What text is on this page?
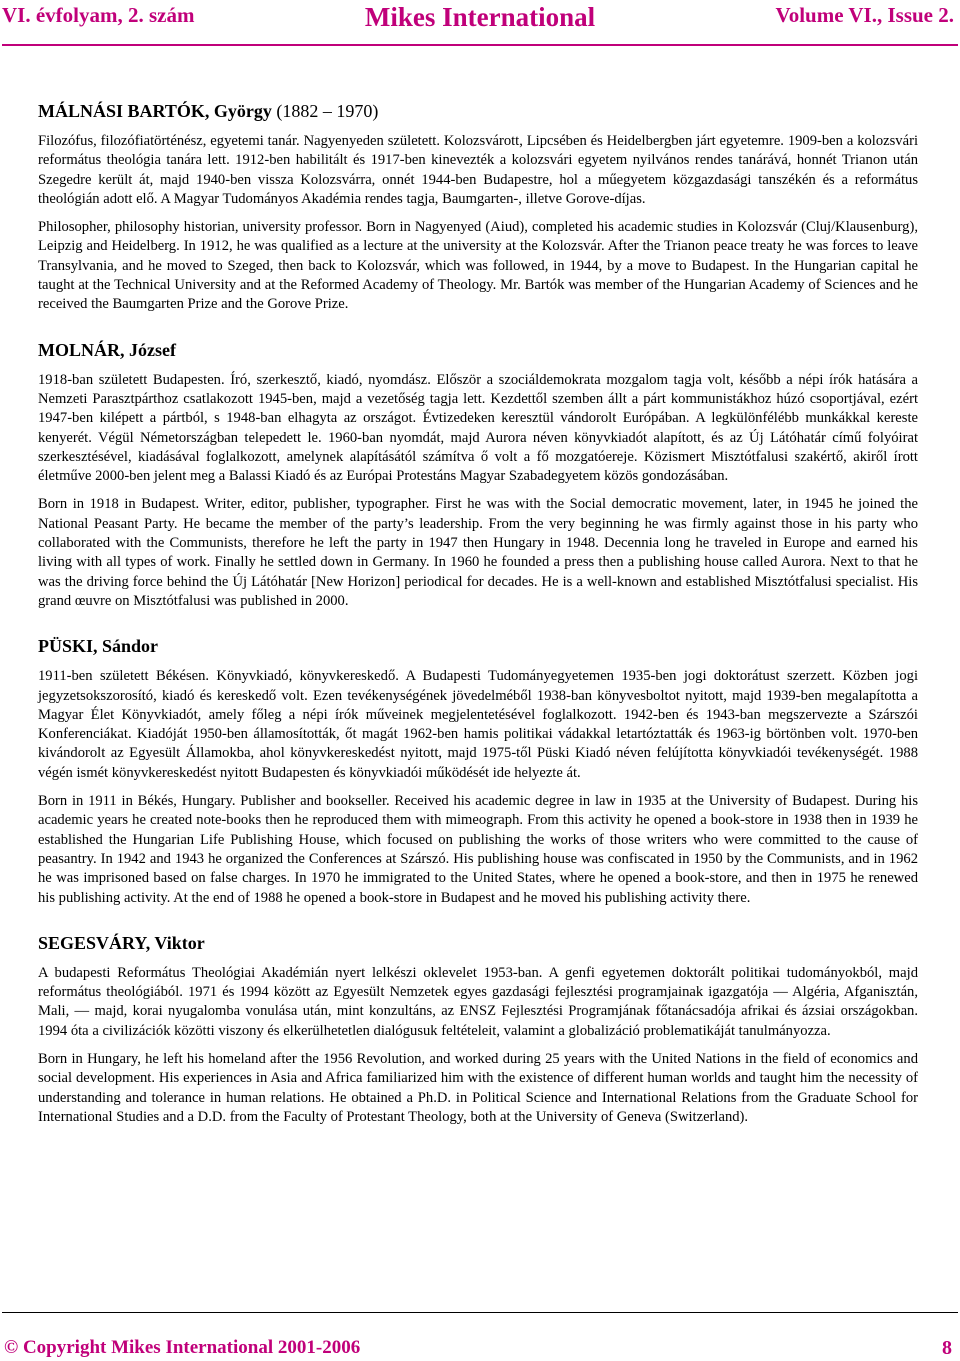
VI. évfolyam, 2. szám	Mikes International	Volume VI., Issue 2.
MÁLNÁSI BARTÓK, György (1882 – 1970)

Filozófus, filozófiatörténész, egyetemi tanár. Nagyenyeden született. Kolozsvárott, Lipcsében és Heidelbergben járt egyetemre. 1909-ben a kolozsvári református theológia tanára lett. 1912-ben habilitált és 1917-ben kinevezték a kolozsvári egyetem nyilvános rendes tanárává, honnét Trianon után Szegedre került át, majd 1940-ben vissza Kolozsvárra, onnét 1944-ben Budapestre, hol a műegyetem közgazdasági tanszékén és a református theológián adott elő. A Magyar Tudományos Akadémia rendes tagja, Baumgarten-, illetve Gorove-díjas.

Philosopher, philosophy historian, university professor. Born in Nagyenyed (Aiud), completed his academic studies in Kolozsvár (Cluj/Klausenburg), Leipzig and Heidelberg. In 1912, he was qualified as a lecture at the university at the Kolozsvár. After the Trianon peace treaty he was forces to leave Transylvania, and he moved to Szeged, then back to Kolozsvár, which was followed, in 1944, by a move to Budapest. In the Hungarian capital he taught at the Technical University and at the Reformed Academy of Theology. Mr. Bartók was member of the Hungarian Academy of Sciences and he received the Baumgarten Prize and the Gorove Prize.

MOLNÁR, József

1918-ban született Budapesten. Író, szerkesztő, kiadó, nyomdász. Először a szociáldemokrata mozgalom tagja volt, később a népi írók hatására a Nemzeti Parasztpárthoz csatlakozott 1945-ben, majd a vezetőség tagja lett. Kezdettől szemben állt a párt kommunistákhoz húzó csoportjával, ezért 1947-ben kilépett a pártból, s 1948-ban elhagyta az országot. Évtizedeken keresztül vándorolt Európában. A legkülönfélébb munkákkal kereste kenyerét. Végül Németországban telepedett le. 1960-ban nyomdát, majd Aurora néven könyvkiadót alapított, és az Új Látóhatár című folyóirat szerkesztésével, kiadásával foglalkozott, amelynek alapításától számítva ő volt a fő mozgatóereje. Közismert Misztótfalusi szakértő, akiről írott életműve 2000-ben jelent meg a Balassi Kiadó és az Európai Protestáns Magyar Szabadegyetem közös gondozásában.

Born in 1918 in Budapest. Writer, editor, publisher, typographer. First he was with the Social democratic movement, later, in 1945 he joined the National Peasant Party. He became the member of the party’s leadership. From the very beginning he was firmly against those in his party who collaborated with the Communists, therefore he left the party in 1947 then Hungary in 1948. Decennia long he traveled in Europe and earned his living with all types of work. Finally he settled down in Germany. In 1960 he founded a press then a publishing house called Aurora. Next to that he was the driving force behind the Új Látóhatár [New Horizon] periodical for decades. He is a well-known and established Misztótfalusi specialist. His grand œuvre on Misztótfalusi was published in 2000.

PÜSKI, Sándor

1911-ben született Békésen. Könyvkiadó, könyvkereskedő. A Budapesti Tudományegyetemen 1935-ben jogi doktorátust szerzett. Közben jogi jegyzetsokszorosító, kiadó és kereskedő volt. Ezen tevékenységének jövedelméből 1938-ban könyvesboltot nyitott, majd 1939-ben megalapította a Magyar Élet Könyvkiadót, amely főleg a népi írók műveinek megjelentetésével foglalkozott. 1942-ben és 1943-ban megszervezte a Szárszói Konferenciákat. Kiadóját 1950-ben államosították, őt magát 1962-ben hamis politikai vádakkal letartóztatták és 1963-ig börtönben volt. 1970-ben kivándorolt az Egyesült Államokba, ahol könyvkereskedést nyitott, majd 1975-től Püski Kiadó néven felújította könyvkiadói tevékenységét. 1988 végén ismét könyvkereskedést nyitott Budapesten és könyvkiadói működését ide helyezte át.

Born in 1911 in Békés, Hungary. Publisher and bookseller. Received his academic degree in law in 1935 at the University of Budapest. During his academic years he created note-books then he reproduced them with mimeograph. From this activity he opened a book-store in 1938 then in 1939 he established the Hungarian Life Publishing House, which focused on publishing the works of those writers who were committed to the cause of peasantry. In 1942 and 1943 he organized the Conferences at Szárszó. His publishing house was confiscated in 1950 by the Communists, and in 1962 he was imprisoned based on false charges. In 1970 he immigrated to the United States, where he opened a book-store, and then in 1975 he renewed his publishing activity. At the end of 1988 he opened a book-store in Budapest and he moved his publishing activity there.

SEGESVÁRY, Viktor

A budapesti Református Theológiai Akadémián nyert lelkészi oklevelet 1953-ban. A genfi egyetemen doktorált politikai tudományokból, majd református theológiából. 1971 és 1994 között az Egyesült Nemzetek egyes gazdasági fejlesztési programjainak igazgatója — Algéria, Afganisztán, Mali, — majd, korai nyugalomba vonulása után, mint konzultáns, az ENSZ Fejlesztési Programjának főtanácsadója afrikai és ázsiai országokban. 1994 óta a civilizációk közötti viszony és elkerülhetetlen dialógusuk feltételeit, valamint a globalizáció problematikáját tanulmányozza.

Born in Hungary, he left his homeland after the 1956 Revolution, and worked during 25 years with the United Nations in the field of economics and social development. His experiences in Asia and Africa familiarized him with the existence of different human worlds and taught him the necessity of understanding and tolerance in human relations. He obtained a Ph.D. in Political Science and International Relations from the Graduate School for International Studies and a D.D. from the Faculty of Protestant Theology, both at the University of Geneva (Switzerland).

© Copyright Mikes International 2001-2006	8
